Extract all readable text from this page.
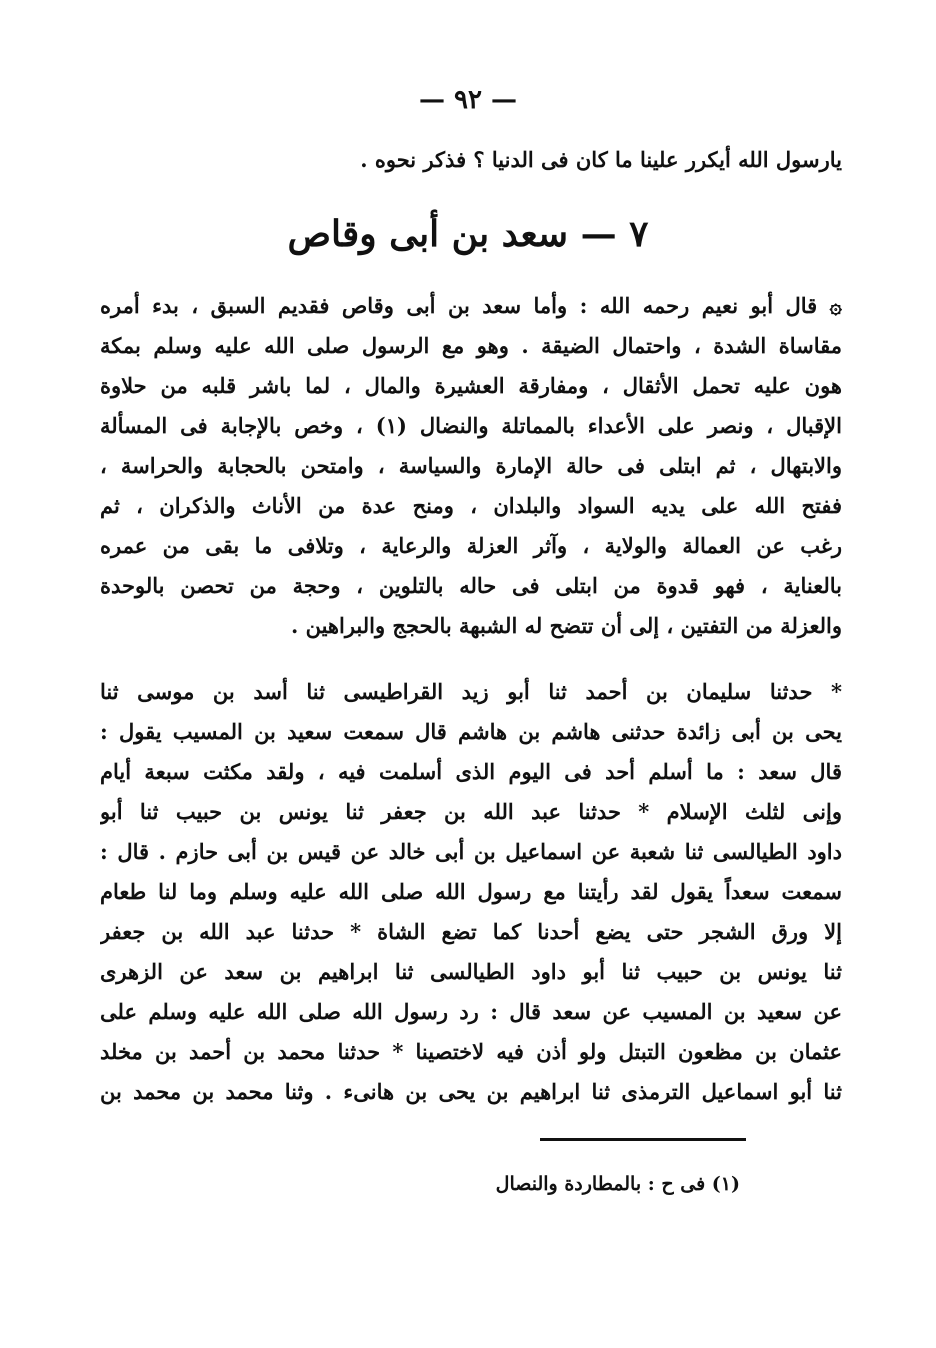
— ٩٢ —
يارسول الله أيكرر علينا ما كان فى الدنيا ؟ فذكر نحوه .
٧ — سعد بن أبى وقاص
۞ قال أبو نعيم رحمه الله : وأما سعد بن أبى وقاص فقديم السبق ، بدء أمره
مقاساة الشدة ، واحتمال الضيقة . وهو مع الرسول صلى الله عليه وسلم بمكة
هون عليه تحمل الأثقال ، ومفارقة العشيرة والمال ، لما باشر قلبه من حلاوة
الإقبال ، ونصر على الأعداء بالمماتلة والنضال (١) ، وخص بالإجابة فى المسألة
والابتهال ، ثم ابتلى فى حالة الإمارة والسياسة ، وامتحن بالحجابة والحراسة ،
ففتح الله على يديه السواد والبلدان ، ومنح عدة من الأناث والذكران ، ثم
رغب عن العمالة والولاية ، وآثر العزلة والرعاية ، وتلافى ما بقى من عمره
بالعناية ، فهو قدوة من ابتلى فى حاله بالتلوين ، وحجة من تحصن بالوحدة
والعزلة من التفتين ، إلى أن تتضح له الشبهة بالحجج والبراهين .
* حدثنا سليمان بن أحمد ثنا أبو زيد القراطيسى ثنا أسد بن موسى ثنا
يحى بن أبى زائدة حدثنى هاشم بن هاشم قال سمعت سعيد بن المسيب يقول :
قال سعد : ما أسلم أحد فى اليوم الذى أسلمت فيه ، ولقد مكثت سبعة أيام
وإنى لثلث الإسلام * حدثنا عبد الله بن جعفر ثنا يونس بن حبيب ثنا أبو
داود الطيالسى ثنا شعبة عن اسماعيل بن أبى خالد عن قيس بن أبى حازم . قال :
سمعت سعداً يقول لقد رأيتنا مع رسول الله صلى الله عليه وسلم وما لنا طعام
إلا ورق الشجر حتى يضع أحدنا كما تضع الشاة * حدثنا عبد الله بن جعفر
ثنا يونس بن حبيب ثنا أبو داود الطيالسى ثنا ابراهيم بن سعد عن الزهرى
عن سعيد بن المسيب عن سعد قال : رد رسول الله صلى الله عليه وسلم على
عثمان بن مظعون التبتل ولو أذن فيه لاختصينا * حدثنا محمد بن أحمد بن مخلد
ثنا أبو اسماعيل الترمذى ثنا ابراهيم بن يحى بن هانىء . وثنا محمد بن محمد بن
(١) فى ح : بالمطاردة والنصال
